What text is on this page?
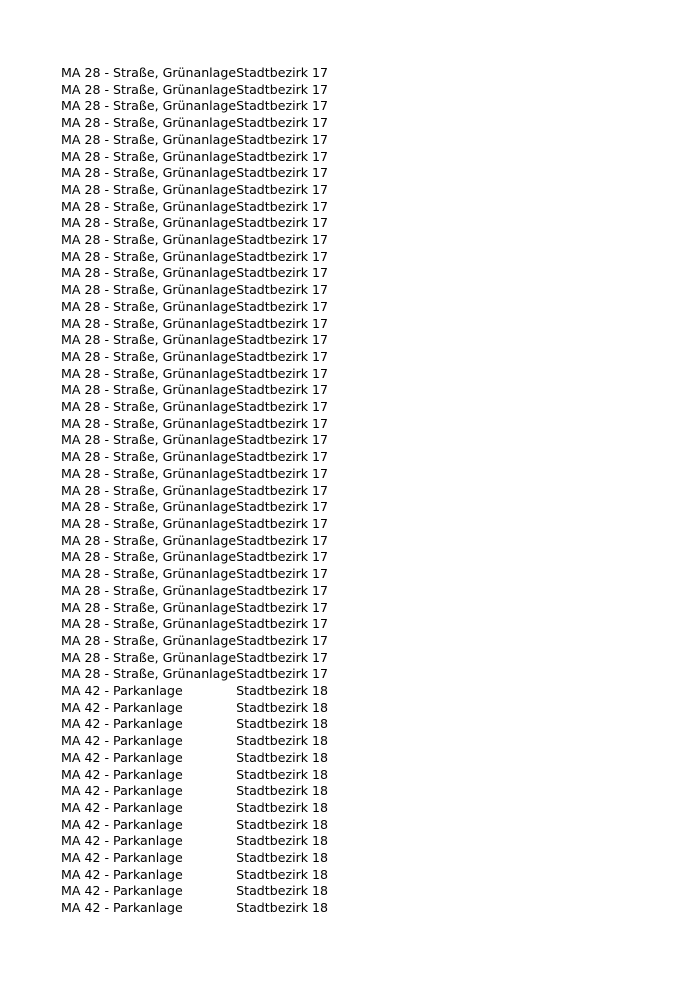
MA 28 - Straße, Grünanlage	Stadtbezirk 17
MA 28 - Straße, Grünanlage	Stadtbezirk 17
MA 28 - Straße, Grünanlage	Stadtbezirk 17
MA 28 - Straße, Grünanlage	Stadtbezirk 17
MA 28 - Straße, Grünanlage	Stadtbezirk 17
MA 28 - Straße, Grünanlage	Stadtbezirk 17
MA 28 - Straße, Grünanlage	Stadtbezirk 17
MA 28 - Straße, Grünanlage	Stadtbezirk 17
MA 28 - Straße, Grünanlage	Stadtbezirk 17
MA 28 - Straße, Grünanlage	Stadtbezirk 17
MA 28 - Straße, Grünanlage	Stadtbezirk 17
MA 28 - Straße, Grünanlage	Stadtbezirk 17
MA 28 - Straße, Grünanlage	Stadtbezirk 17
MA 28 - Straße, Grünanlage	Stadtbezirk 17
MA 28 - Straße, Grünanlage	Stadtbezirk 17
MA 28 - Straße, Grünanlage	Stadtbezirk 17
MA 28 - Straße, Grünanlage	Stadtbezirk 17
MA 28 - Straße, Grünanlage	Stadtbezirk 17
MA 28 - Straße, Grünanlage	Stadtbezirk 17
MA 28 - Straße, Grünanlage	Stadtbezirk 17
MA 28 - Straße, Grünanlage	Stadtbezirk 17
MA 28 - Straße, Grünanlage	Stadtbezirk 17
MA 28 - Straße, Grünanlage	Stadtbezirk 17
MA 28 - Straße, Grünanlage	Stadtbezirk 17
MA 28 - Straße, Grünanlage	Stadtbezirk 17
MA 28 - Straße, Grünanlage	Stadtbezirk 17
MA 28 - Straße, Grünanlage	Stadtbezirk 17
MA 28 - Straße, Grünanlage	Stadtbezirk 17
MA 28 - Straße, Grünanlage	Stadtbezirk 17
MA 28 - Straße, Grünanlage	Stadtbezirk 17
MA 28 - Straße, Grünanlage	Stadtbezirk 17
MA 28 - Straße, Grünanlage	Stadtbezirk 17
MA 28 - Straße, Grünanlage	Stadtbezirk 17
MA 28 - Straße, Grünanlage	Stadtbezirk 17
MA 28 - Straße, Grünanlage	Stadtbezirk 17
MA 28 - Straße, Grünanlage	Stadtbezirk 17
MA 28 - Straße, Grünanlage	Stadtbezirk 17
MA 42 - Parkanlage	Stadtbezirk 18
MA 42 - Parkanlage	Stadtbezirk 18
MA 42 - Parkanlage	Stadtbezirk 18
MA 42 - Parkanlage	Stadtbezirk 18
MA 42 - Parkanlage	Stadtbezirk 18
MA 42 - Parkanlage	Stadtbezirk 18
MA 42 - Parkanlage	Stadtbezirk 18
MA 42 - Parkanlage	Stadtbezirk 18
MA 42 - Parkanlage	Stadtbezirk 18
MA 42 - Parkanlage	Stadtbezirk 18
MA 42 - Parkanlage	Stadtbezirk 18
MA 42 - Parkanlage	Stadtbezirk 18
MA 42 - Parkanlage	Stadtbezirk 18
MA 42 - Parkanlage	Stadtbezirk 18
